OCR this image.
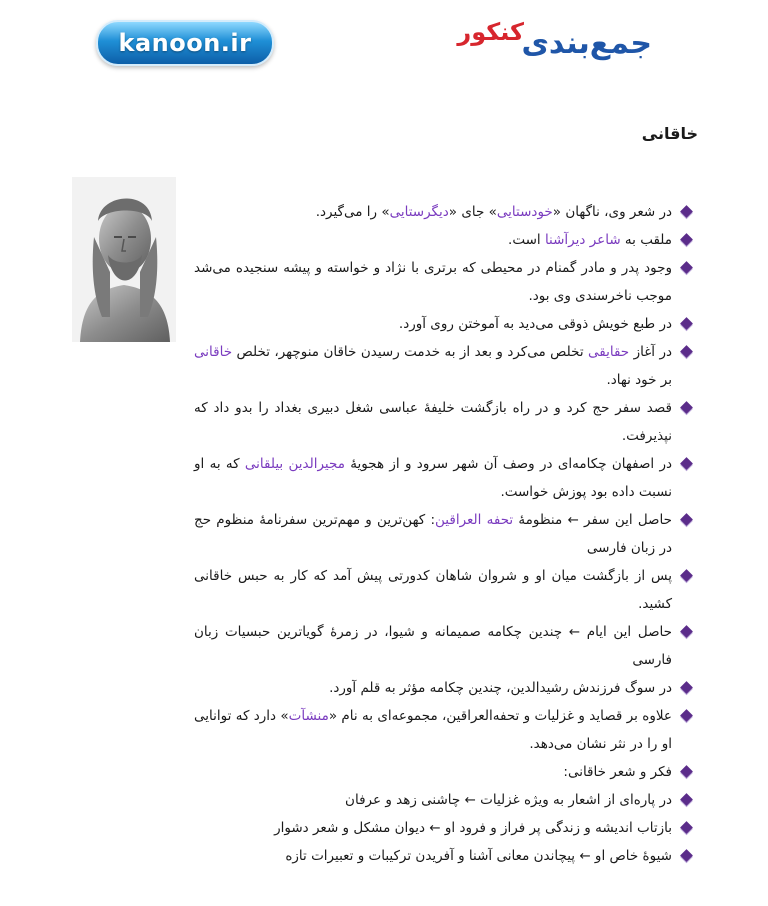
kanoon.ir	جمع‌بندی
کنکور
خاقانی
در شعر وی، ناگهان «خودستایی» جای «دیگرستایی» را می‌گیرد.
ملقب به شاعر دیرآشنا است.
وجود پدر و مادر گمنام در محیطی که برتری با نژاد و خواسته و پیشه سنجیده می‌شد موجب ناخرسندی وی بود.
در طبع خویش ذوقی می‌دید به آموختن روی آورد.
در آغاز حقایقی تخلص می‌کرد و بعد از به خدمت رسیدن خاقان منوچهر، تخلص خاقانی بر خود نهاد.
قصد سفر حج کرد و در راه بازگشت خلیفهٔ عباسی شغل دبیری بغداد را بدو داد که نپذیرفت.
در اصفهان چکامه‌ای در وصف آن شهر سرود و از هجویهٔ مجیرالدین بیلقانی که به او نسبت داده بود پوزش خواست.
حاصل این سفر ← منظومهٔ تحفه العراقین: کهن‌ترین و مهم‌ترین سفرنامهٔ منظوم حج در زبان فارسی
پس از بازگشت میان او و شروان شاهان کدورتی پیش آمد که کار به حبس خاقانی کشید.
حاصل این ایام ← چندین چکامه صمیمانه و شیوا، در زمرهٔ گویاترین حبسیات زبان فارسی
در سوگ فرزندش رشیدالدین، چندین چکامه مؤثر به قلم آورد.
علاوه بر قصاید و غزلیات و تحفه‌العراقین، مجموعه‌ای به نام «منشآت» دارد که توانایی او را در نثر نشان می‌دهد.
فکر و شعر خاقانی:
در پاره‌ای از اشعار به ویژه غزلیات ← چاشنی زهد و عرفان
بازتاب اندیشه و زندگی پر فراز و فرود او ← دیوان مشکل و شعر دشوار
شیوهٔ خاص او ← پیچاندن معانی آشنا و آفریدن ترکیبات و تعبیرات تازه
